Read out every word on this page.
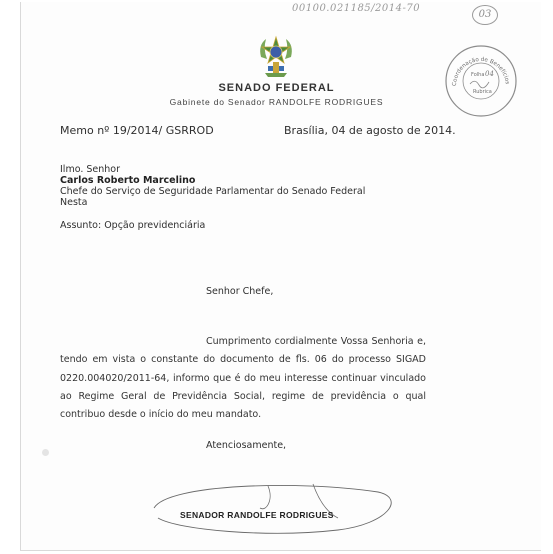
00100.021185/2014-70
03
SENADO FEDERAL
Gabinete do Senador RANDOLFE RODRIGUES
Coordenação de Benefícios
Folha 04
Rubrica
Memo nº 19/2014/ GSRROD	Brasília, 04 de agosto de 2014.
Ilmo. Senhor
Carlos Roberto Marcelino
Chefe do Serviço de Seguridade Parlamentar do Senado Federal
Nesta
Assunto: Opção previdenciária
Senhor Chefe,
Cumprimento cordialmente Vossa Senhoria e, tendo em vista o constante do documento de fls. 06 do processo SIGAD 0220.004020/2011-64, informo que é do meu interesse continuar vinculado ao Regime Geral de Previdência Social, regime de previdência o qual contribuo desde o início do meu mandato.
Atenciosamente,
SENADOR RANDOLFE RODRIGUES
